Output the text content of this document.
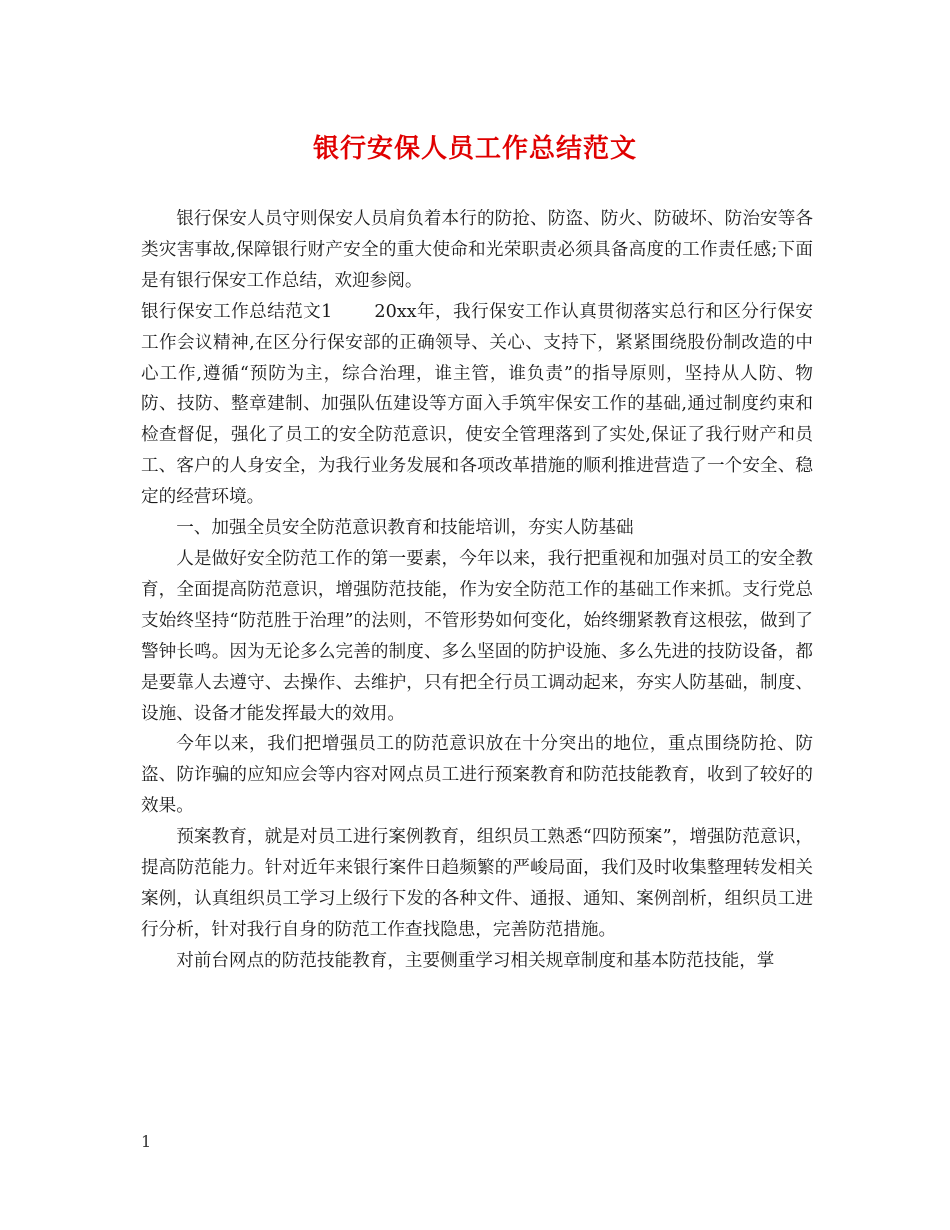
银行安保人员工作总结范文

银行保安人员守则保安人员肩负着本行的防抢、防盗、防火、防破坏、防治安等各类灾害事故,保障银行财产安全的重大使命和光荣职责必须具备高度的工作责任感;下面是有银行保安工作总结，欢迎参阅。

银行保安工作总结范文1 20xx年，我行保安工作认真贯彻落实总行和区分行保安工作会议精神,在区分行保安部的正确领导、关心、支持下，紧紧围绕股份制改造的中心工作,遵循“预防为主，综合治理，谁主管，谁负责”的指导原则，坚持从人防、物防、技防、整章建制、加强队伍建设等方面入手筑牢保安工作的基础,通过制度约束和检查督促，强化了员工的安全防范意识，使安全管理落到了实处,保证了我行财产和员工、客户的人身安全，为我行业务发展和各项改革措施的顺利推进营造了一个安全、稳定的经营环境。

一、加强全员安全防范意识教育和技能培训，夯实人防基础

人是做好安全防范工作的第一要素，今年以来，我行把重视和加强对员工的安全教育，全面提高防范意识，增强防范技能，作为安全防范工作的基础工作来抓。支行党总支始终坚持“防范胜于治理”的法则，不管形势如何变化，始终绷紧教育这根弦，做到了警钟长鸣。因为无论多么完善的制度、多么坚固的防护设施、多么先进的技防设备，都是要靠人去遵守、去操作、去维护，只有把全行员工调动起来，夯实人防基础，制度、设施、设备才能发挥最大的效用。

今年以来，我们把增强员工的防范意识放在十分突出的地位，重点围绕防抢、防盗、防诈骗的应知应会等内容对网点员工进行预案教育和防范技能教育，收到了较好的效果。

预案教育，就是对员工进行案例教育，组织员工熟悉“四防预案”，增强防范意识，提高防范能力。针对近年来银行案件日趋频繁的严峻局面，我们及时收集整理转发相关案例，认真组织员工学习上级行下发的各种文件、通报、通知、案例剖析，组织员工进行分析，针对我行自身的防范工作查找隐患，完善防范措施。

对前台网点的防范技能教育，主要侧重学习相关规章制度和基本防范技能，掌

1
